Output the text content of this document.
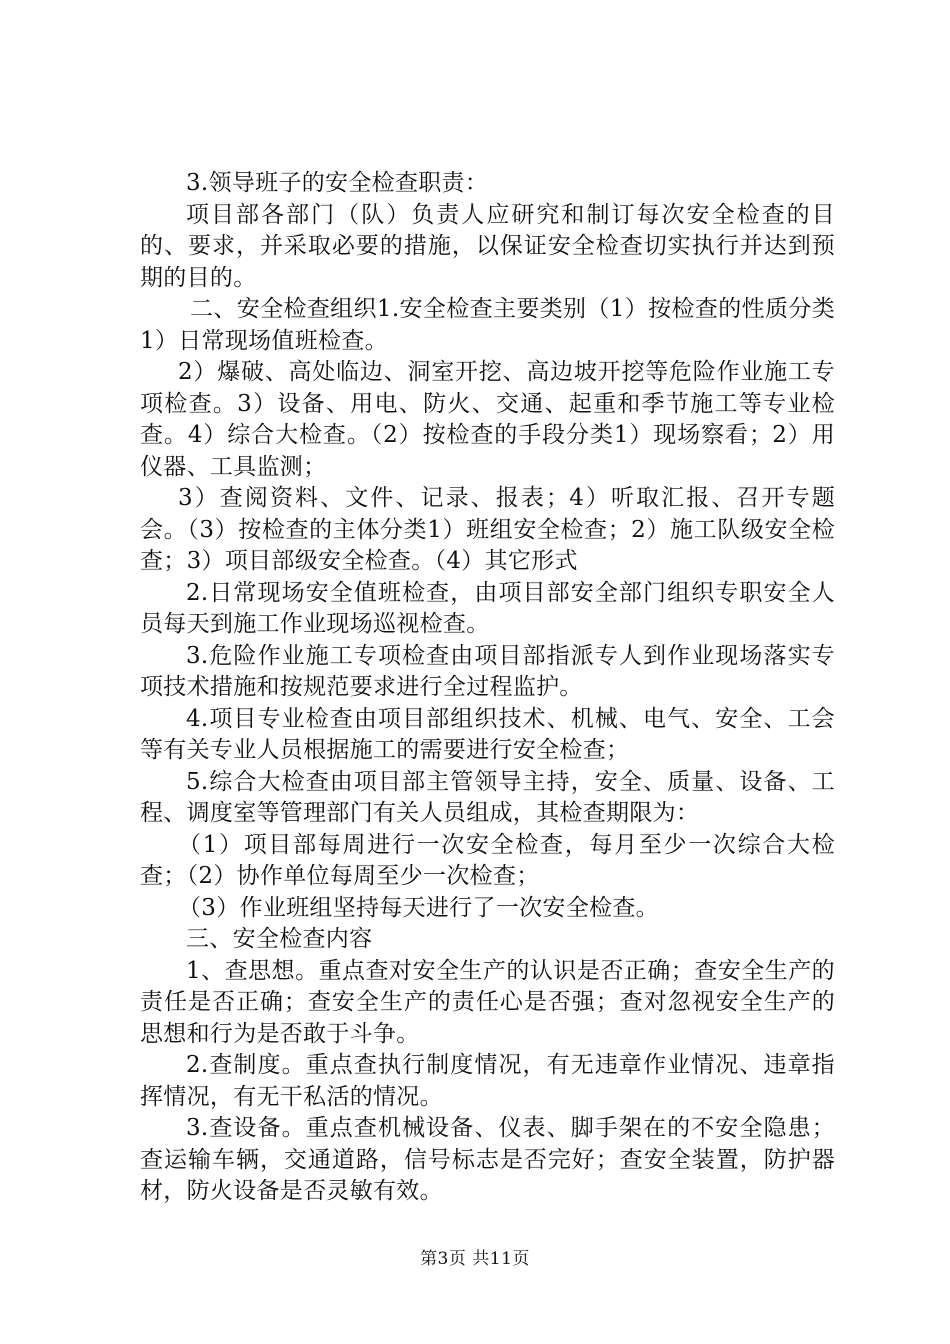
3.领导班子的安全检查职责：

项目部各部门（队）负责人应研究和制订每次安全检查的目的、要求，并采取必要的措施，以保证安全检查切实执行并达到预期的目的。

二、安全检查组织1.安全检查主要类别（1）按检查的性质分类1）日常现场值班检查。

2）爆破、高处临边、洞室开挖、高边坡开挖等危险作业施工专项检查。3）设备、用电、防火、交通、起重和季节施工等专业检查。4）综合大检查。（2）按检查的手段分类1）现场察看；2）用仪器、工具监测；

3）查阅资料、文件、记录、报表；4）听取汇报、召开专题会。（3）按检查的主体分类1）班组安全检查；2）施工队级安全检查；3）项目部级安全检查。（4）其它形式

2.日常现场安全值班检查，由项目部安全部门组织专职安全人员每天到施工作业现场巡视检查。

3.危险作业施工专项检查由项目部指派专人到作业现场落实专项技术措施和按规范要求进行全过程监护。

4.项目专业检查由项目部组织技术、机械、电气、安全、工会等有关专业人员根据施工的需要进行安全检查；

5.综合大检查由项目部主管领导主持，安全、质量、设备、工程、调度室等管理部门有关人员组成，其检查期限为：

（1）项目部每周进行一次安全检查，每月至少一次综合大检查；（2）协作单位每周至少一次检查；

（3）作业班组坚持每天进行了一次安全检查。

三、安全检查内容

1、查思想。重点查对安全生产的认识是否正确；查安全生产的责任是否正确；查安全生产的责任心是否强；查对忽视安全生产的思想和行为是否敢于斗争。

2.查制度。重点查执行制度情况，有无违章作业情况、违章指挥情况，有无干私活的情况。

3.查设备。重点查机械设备、仪表、脚手架在的不安全隐患；查运输车辆，交通道路，信号标志是否完好；查安全装置，防护器材，防火设备是否灵敏有效。

第3页 共11页
